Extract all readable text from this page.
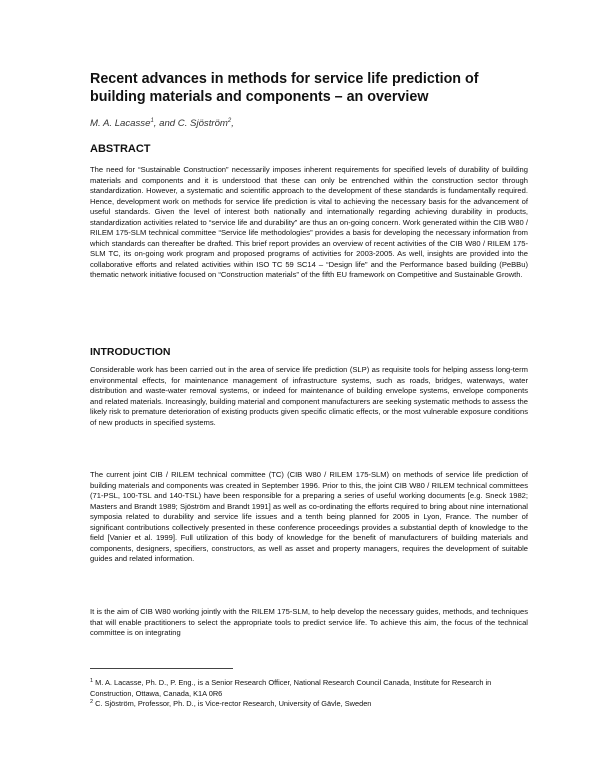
Recent advances in methods for service life prediction of building materials and components – an overview

M. A. Lacasse$^1$, and C. Sjöström$^2$,

ABSTRACT

The need for “Sustainable Construction” necessarily imposes inherent requirements for specified levels of durability of building materials and components and it is understood that these can only be entrenched within the construction sector through standardization. However, a systematic and scientific approach to the development of these standards is fundamentally required. Hence, development work on methods for service life prediction is vital to achieving the necessary basis for the advancement of useful standards. Given the level of interest both nationally and internationally regarding achieving durability in products, standardization activities related to “service life and durability” are thus an on-going concern. Work generated within the CIB W80 / RILEM 175-SLM technical committee “Service life methodologies” provides a basis for developing the necessary information from which standards can thereafter be drafted. This brief report provides an overview of recent activities of the CIB W80 / RILEM 175-SLM TC, its on-going work program and proposed programs of activities for 2003-2005. As well, insights are provided into the collaborative efforts and related activities within ISO TC 59 SC14 – “Design life” and the Performance based building (PeBBu) thematic network initiative focused on “Construction materials” of the fifth EU framework on Competitive and Sustainable Growth.

INTRODUCTION

Considerable work has been carried out in the area of service life prediction (SLP) as requisite tools for helping assess long-term environmental effects, for maintenance management of infrastructure systems, such as roads, bridges, waterways, water distribution and waste-water removal systems, or indeed for maintenance of building envelope systems, envelope components and related materials. Increasingly, building material and component manufacturers are seeking systematic methods to assess the likely risk to premature deterioration of existing products given specific climatic effects, or the most vulnerable exposure conditions of new products in specified systems.

The current joint CIB / RILEM technical committee (TC) (CIB W80 / RILEM 175-SLM) on methods of service life prediction of building materials and components was created in September 1996. Prior to this, the joint CIB W80 / RILEM technical committees (71-PSL, 100-TSL and 140-TSL) have been responsible for a preparing a series of useful working documents [e.g. Sneck 1982; Masters and Brandt 1989; Sjöström and Brandt 1991] as well as co-ordinating the efforts required to bring about nine international symposia related to durability and service life issues and a tenth being planned for 2005 in Lyon, France. The number of significant contributions collectively presented in these conference proceedings provides a substantial depth of knowledge to the field [Vanier et al. 1999]. Full utilization of this body of knowledge for the benefit of manufacturers of building materials and components, designers, specifiers, constructors, as well as asset and property managers, requires the development of suitable guides and related information.

It is the aim of CIB W80 working jointly with the RILEM 175-SLM, to help develop the necessary guides, methods, and techniques that will enable practitioners to select the appropriate tools to predict service life. To achieve this aim, the focus of the technical committee is on integrating

$^1$ M. A. Lacasse, Ph. D., P. Eng., is a Senior Research Officer, National Research Council Canada, Institute for Research in Construction, Ottawa, Canada, K1A 0R6

$^2$ C. Sjöström, Professor, Ph. D., is Vice-rector Research, University of Gävle, Sweden
